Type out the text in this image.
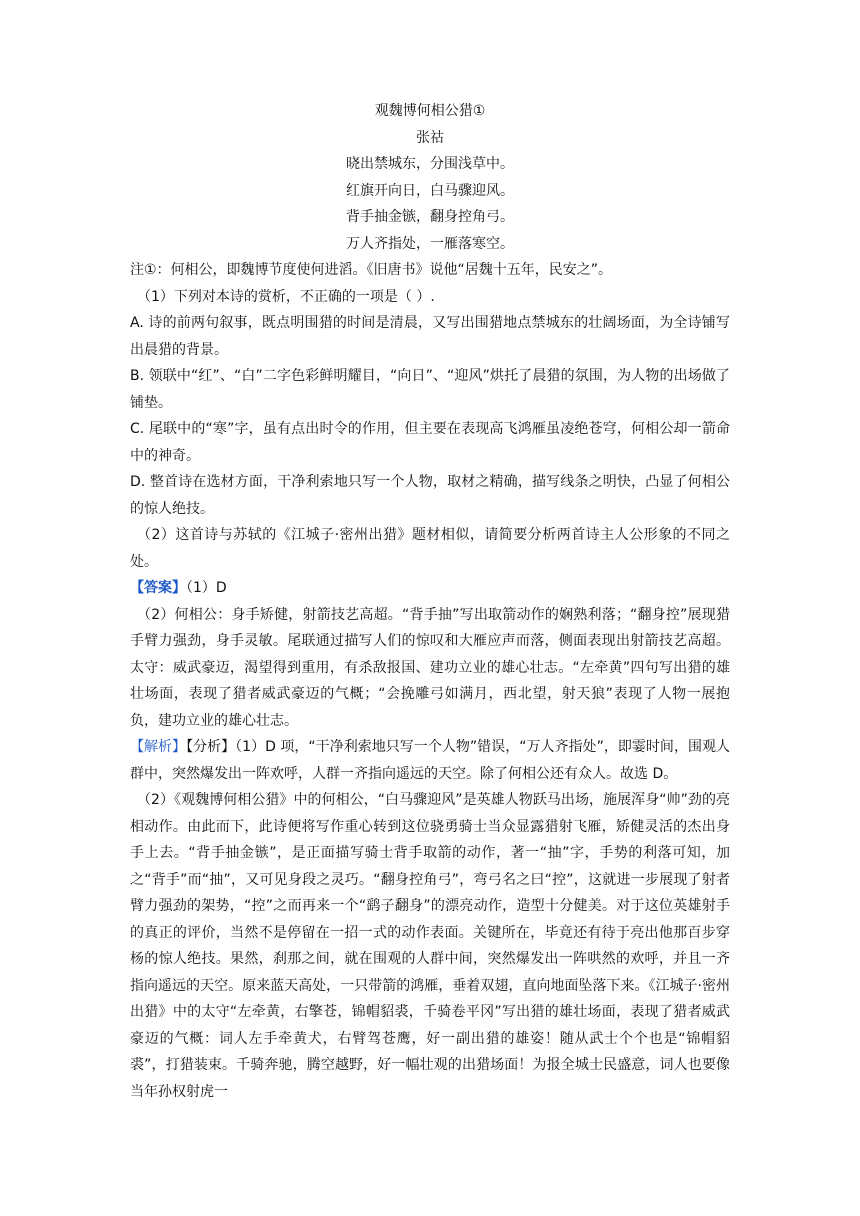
观魏博何相公猎①
张祜
晓出禁城东，分围浅草中。
红旗开向日，白马骤迎风。
背手抽金镞，翻身控角弓。
万人齐指处，一雁落寒空。

注①：何相公，即魏博节度使何进滔。《旧唐书》说他“居魏十五年，民安之”。

（1）下列对本诗的赏析，不正确的一项是（ ）.

A. 诗的前两句叙事，既点明围猎的时间是清晨，又写出围猎地点禁城东的壮阔场面，为全诗铺写出晨猎的背景。

B. 领联中“红”、“白”二字色彩鲜明耀目，“向日”、“迎风”烘托了晨猎的氛围，为人物的出场做了铺垫。

C. 尾联中的“寒”字，虽有点出时令的作用，但主要在表现高飞鸿雁虽凌绝苍穹，何相公却一箭命中的神奇。

D. 整首诗在选材方面，干净利索地只写一个人物，取材之精确，描写线条之明快，凸显了何相公的惊人绝技。

（2）这首诗与苏轼的《江城子·密州出猎》题材相似，请简要分析两首诗主人公形象的不同之处。

【答案】（1）D

（2）何相公：身手矫健，射箭技艺高超。“背手抽”写出取箭动作的娴熟利落；“翻身控”展现猎手臂力强劲，身手灵敏。尾联通过描写人们的惊叹和大雁应声而落，侧面表现出射箭技艺高超。太守：威武豪迈，渴望得到重用，有杀敌报国、建功立业的雄心壮志。“左牵黄”四句写出猎的雄壮场面，表现了猎者威武豪迈的气概；“会挽雕弓如满月，西北望，射天狼”表现了人物一展抱负，建功立业的雄心壮志。

【解析】【分析】（1）D 项，“干净利索地只写一个人物”错误，“万人齐指处”，即霎时间，围观人群中，突然爆发出一阵欢呼，人群一齐指向遥远的天空。除了何相公还有众人。故选 D。

（2）《观魏博何相公猎》中的何相公，“白马骤迎风”是英雄人物跃马出场，施展浑身“帅”劲的亮相动作。由此而下，此诗便将写作重心转到这位骁勇骑士当众显露猎射飞雁，矫健灵活的杰出身手上去。“背手抽金镞”，是正面描写骑士背手取箭的动作，著一“抽”字，手势的利落可知，加之“背手”而“抽”，又可见身段之灵巧。“翻身控角弓”，弯弓名之曰“控”，这就进一步展现了射者臂力强劲的架势，“控”之而再来一个“鹞子翻身”的漂亮动作，造型十分健美。对于这位英雄射手的真正的评价，当然不是停留在一招一式的动作表面。关键所在，毕竟还有待于亮出他那百步穿杨的惊人绝技。果然，刹那之间，就在围观的人群中间，突然爆发出一阵哄然的欢呼，并且一齐指向遥远的天空。原来蓝天高处，一只带箭的鸿雁，垂着双翅，直向地面坠落下来。《江城子·密州出猎》中的太守“左牵黄，右擎苍，锦帽貂裘，千骑卷平冈”写出猎的雄壮场面，表现了猎者威武豪迈的气概：词人左手牵黄犬，右臂驾苍鹰，好一副出猎的雄姿！随从武士个个也是“锦帽貂裘”，打猎装束。千骑奔驰，腾空越野，好一幅壮观的出猎场面！为报全城士民盛意，词人也要像当年孙权射虎一
